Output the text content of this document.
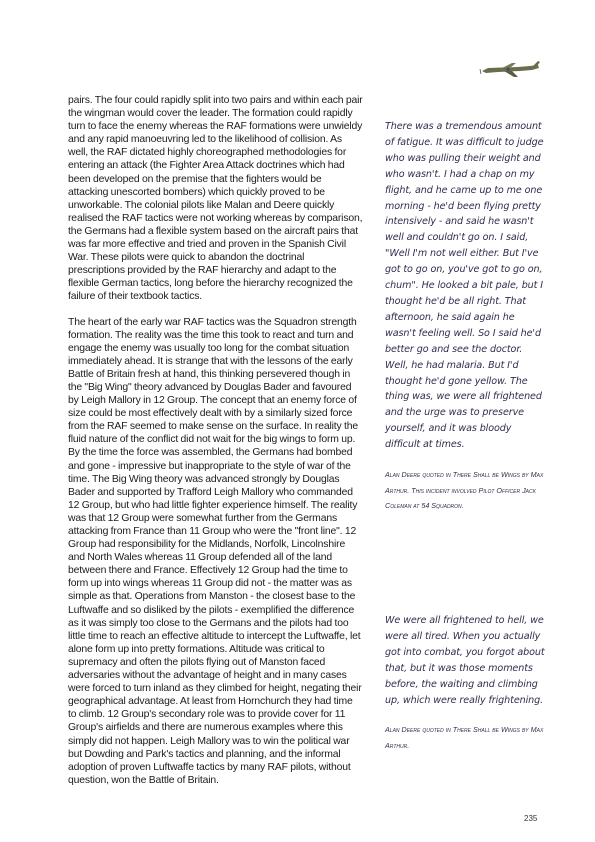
pairs. The four could rapidly split into two pairs and within each pair the wingman would cover the leader. The formation could rapidly turn to face the enemy whereas the RAF formations were unwieldy and any rapid manoeuvring led to the likelihood of collision. As well, the RAF dictated highly choreographed methodologies for entering an attack (the Fighter Area Attack doctrines which had been developed on the premise that the fighters would be attacking unescorted bombers) which quickly proved to be unworkable. The colonial pilots like Malan and Deere quickly realised the RAF tactics were not working whereas by comparison, the Germans had a flexible system based on the aircraft pairs that was far more effective and tried and proven in the Spanish Civil War. These pilots were quick to abandon the doctrinal prescriptions provided by the RAF hierarchy and adapt to the flexible German tactics, long before the hierarchy recognized the failure of their textbook tactics.

The heart of the early war RAF tactics was the Squadron strength formation. The reality was the time this took to react and turn and engage the enemy was usually too long for the combat situation immediately ahead. It is strange that with the lessons of the early Battle of Britain fresh at hand, this thinking persevered though in the "Big Wing" theory advanced by Douglas Bader and favoured by Leigh Mallory in 12 Group. The concept that an enemy force of size could be most effectively dealt with by a similarly sized force from the RAF seemed to make sense on the surface. In reality the fluid nature of the conflict did not wait for the big wings to form up. By the time the force was assembled, the Germans had bombed and gone - impressive but inappropriate to the style of war of the time. The Big Wing theory was advanced strongly by Douglas Bader and supported by Trafford Leigh Mallory who commanded 12 Group, but who had little fighter experience himself. The reality was that 12 Group were somewhat further from the Germans attacking from France than 11 Group who were the "front line". 12 Group had responsibility for the Midlands, Norfolk, Lincolnshire and North Wales whereas 11 Group defended all of the land between there and France. Effectively 12 Group had the time to form up into wings whereas 11 Group did not - the matter was as simple as that. Operations from Manston - the closest base to the Luftwaffe and so disliked by the pilots - exemplified the difference as it was simply too close to the Germans and the pilots had too little time to reach an effective altitude to intercept the Luftwaffe, let alone form up into pretty formations. Altitude was critical to supremacy and often the pilots flying out of Manston faced adversaries without the advantage of height and in many cases were forced to turn inland as they climbed for height, negating their geographical advantage. At least from Hornchurch they had time to climb. 12 Group's secondary role was to provide cover for 11 Group's airfields and there are numerous examples where this simply did not happen. Leigh Mallory was to win the political war but Dowding and Park's tactics and planning, and the informal adoption of proven Luftwaffe tactics by many RAF pilots, without question, won the Battle of Britain.

There was a tremendous amount of fatigue. It was difficult to judge who was pulling their weight and who wasn't. I had a chap on my flight, and he came up to me one morning - he'd been flying pretty intensively - and said he wasn't well and couldn't go on. I said, "Well I'm not well either. But I've got to go on, you've got to go on, chum". He looked a bit pale, but I thought he'd be all right. That afternoon, he said again he wasn't feeling well. So I said he'd better go and see the doctor. Well, he had malaria. But I'd thought he'd gone yellow. The thing was, we were all frightened and the urge was to preserve yourself, and it was bloody difficult at times.

Alan Deere quoted in There Shall be Wings by Max Arthur. This incident involved Pilot Officer Jack Coleman at 54 Squadron.

We were all frightened to hell, we were all tired. When you actually got into combat, you forgot about that, but it was those moments before, the waiting and climbing up, which were really frightening.

Alan Deere quoted in There Shall be Wings by Max Arthur.

235
